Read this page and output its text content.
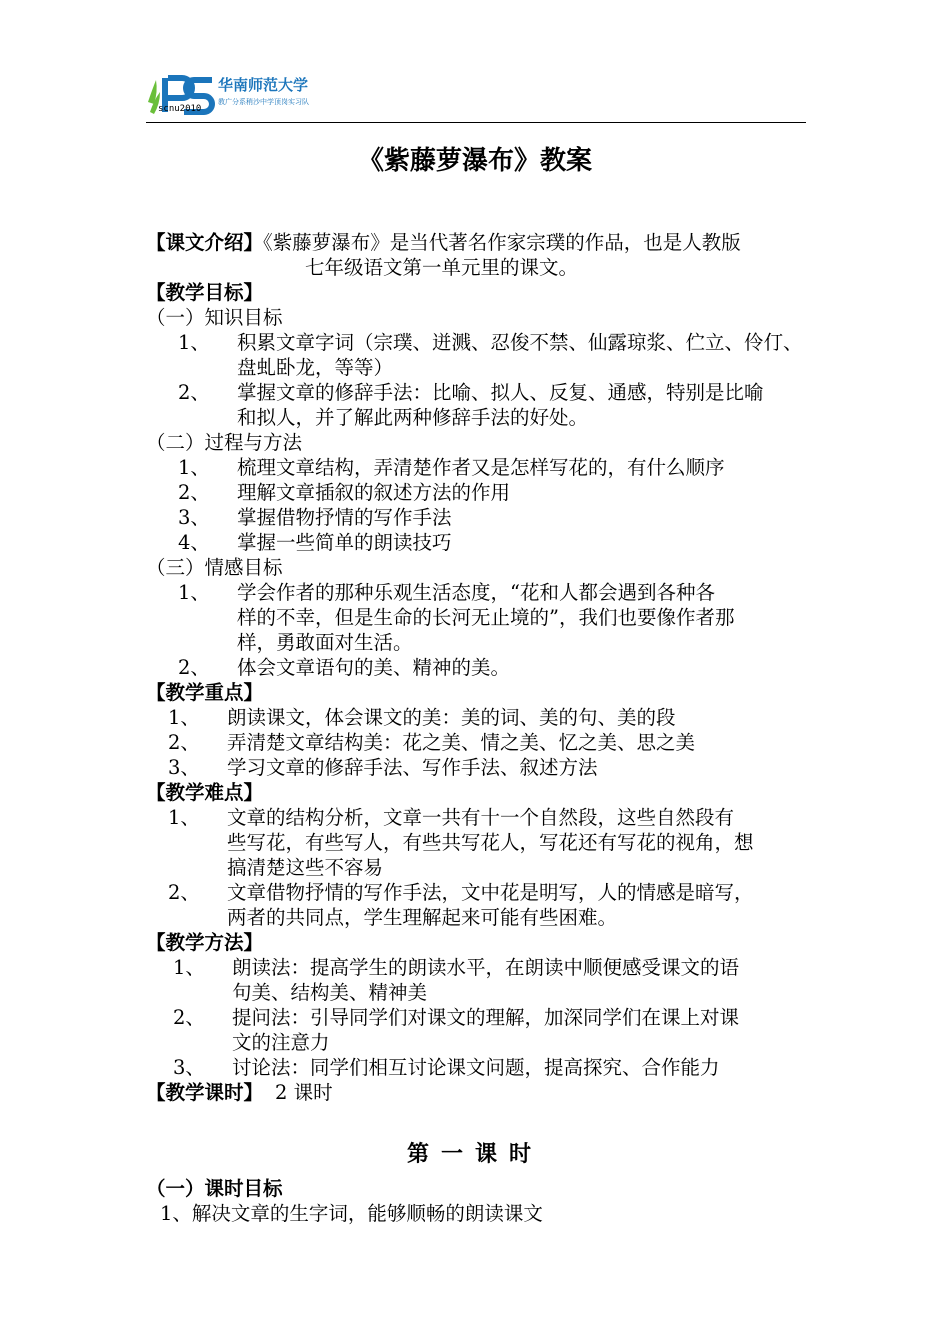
scnu2010
华南师范大学
教广分系稍沙中学顶岗实习队
《紫藤萝瀑布》教案
【课文介绍】《紫藤萝瀑布》是当代著名作家宗璞的作品，也是人教版
七年级语文第一单元里的课文。
【教学目标】
（一）知识目标
1、 积累文章字词（宗璞、迸溅、忍俊不禁、仙露琼浆、伫立、伶仃、
盘虬卧龙，等等）
2、 掌握文章的修辞手法：比喻、拟人、反复、通感，特别是比喻
和拟人，并了解此两种修辞手法的好处。
（二）过程与方法
1、 梳理文章结构，弄清楚作者又是怎样写花的，有什么顺序
2、 理解文章插叙的叙述方法的作用
3、 掌握借物抒情的写作手法
4、 掌握一些简单的朗读技巧
（三）情感目标
1、 学会作者的那种乐观生活态度，“花和人都会遇到各种各
样的不幸，但是生命的长河无止境的”，我们也要像作者那
样，勇敢面对生活。
2、 体会文章语句的美、精神的美。
【教学重点】
1、 朗读课文，体会课文的美：美的词、美的句、美的段
2、 弄清楚文章结构美：花之美、情之美、忆之美、思之美
3、 学习文章的修辞手法、写作手法、叙述方法
【教学难点】
1、 文章的结构分析，文章一共有十一个自然段，这些自然段有
些写花，有些写人，有些共写花人，写花还有写花的视角，想
搞清楚这些不容易
2、 文章借物抒情的写作手法，文中花是明写，人的情感是暗写，
两者的共同点，学生理解起来可能有些困难。
【教学方法】
1、 朗读法：提高学生的朗读水平，在朗读中顺便感受课文的语
句美、结构美、精神美
2、 提问法：引导同学们对课文的理解，加深同学们在课上对课
文的注意力
3、 讨论法：同学们相互讨论课文问题，提高探究、合作能力
【教学课时】 2 课时
第一课时
（一）课时目标
1、解决文章的生字词，能够顺畅的朗读课文
